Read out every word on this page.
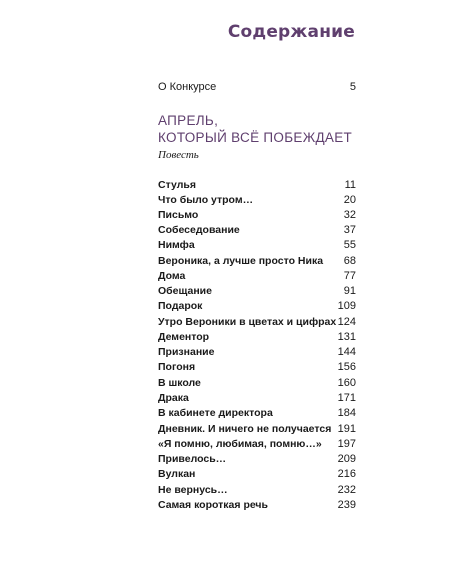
Содержание
О Конкурсе	5
АПРЕЛЬ,
КОТОРЫЙ ВСЁ ПОБЕЖДАЕТ
Повесть
Стулья	11
Что было утром…	20
Письмо	32
Собеседование	37
Нимфа	55
Вероника, а лучше просто Ника 68
Дома	77
Обещание	91
Подарок	109
Утро Вероники в цветах и цифрах 124
Дементор	131
Признание	144
Погоня	156
В школе	160
Драка	171
В кабинете директора	184
Дневник. И ничего не получается 191
«Я помню, любимая, помню…» 197
Привелось…	209
Вулкан	216
Не вернусь…	232
Самая короткая речь	239
